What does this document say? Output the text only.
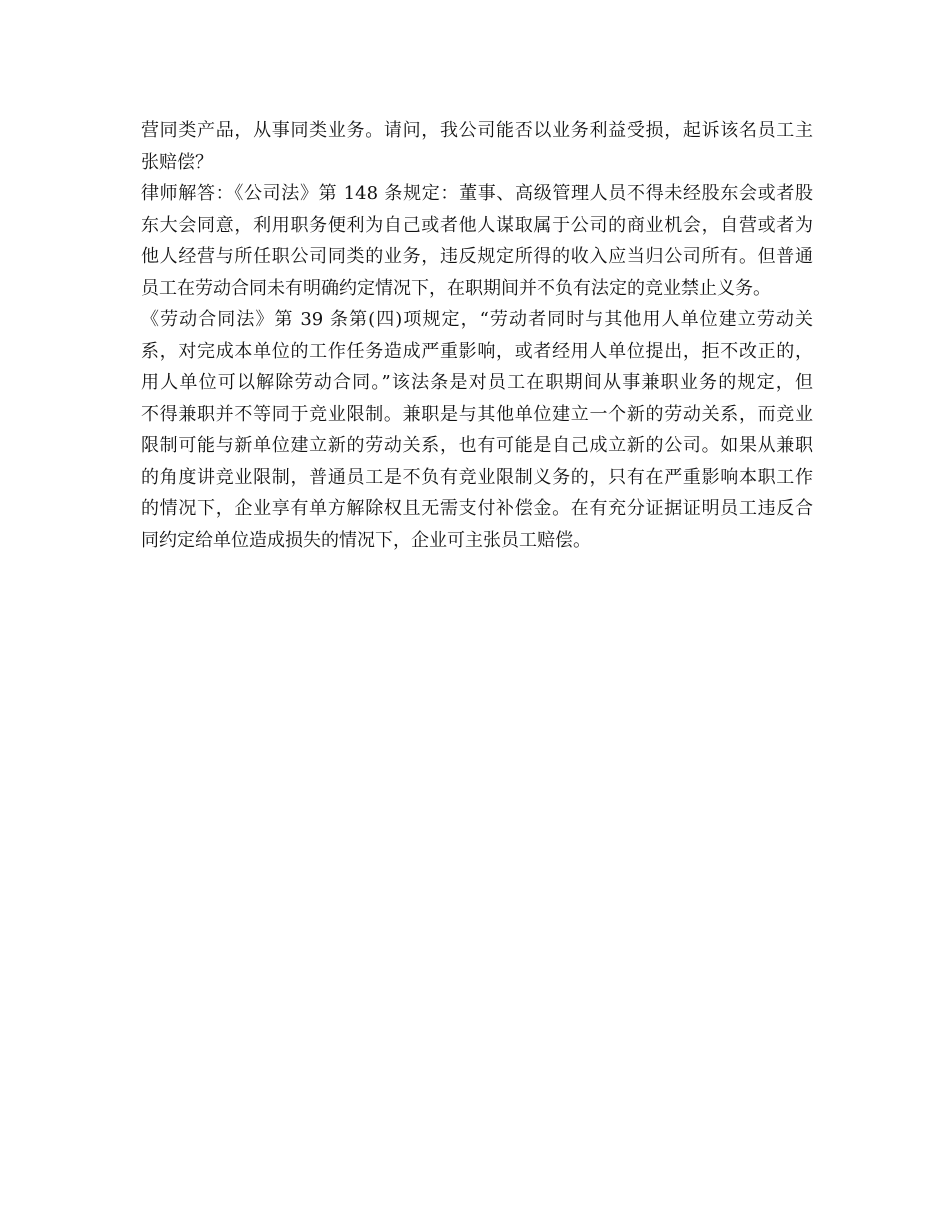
营同类产品，从事同类业务。请问，我公司能否以业务利益受损，起诉该名员工主
张赔偿？
律师解答：《公司法》第 148 条规定：董事、高级管理人员不得未经股东会或者股
东大会同意，利用职务便利为自己或者他人谋取属于公司的商业机会，自营或者为
他人经营与所任职公司同类的业务，违反规定所得的收入应当归公司所有。但普通
员工在劳动合同未有明确约定情况下，在职期间并不负有法定的竞业禁止义务。
《劳动合同法》第 39 条第(四)项规定，“劳动者同时与其他用人单位建立劳动关
系，对完成本单位的工作任务造成严重影响，或者经用人单位提出，拒不改正的，
用人单位可以解除劳动合同。”该法条是对员工在职期间从事兼职业务的规定，但
不得兼职并不等同于竞业限制。兼职是与其他单位建立一个新的劳动关系，而竞业
限制可能与新单位建立新的劳动关系，也有可能是自己成立新的公司。如果从兼职
的角度讲竞业限制，普通员工是不负有竞业限制义务的，只有在严重影响本职工作
的情况下，企业享有单方解除权且无需支付补偿金。在有充分证据证明员工违反合
同约定给单位造成损失的情况下，企业可主张员工赔偿。
